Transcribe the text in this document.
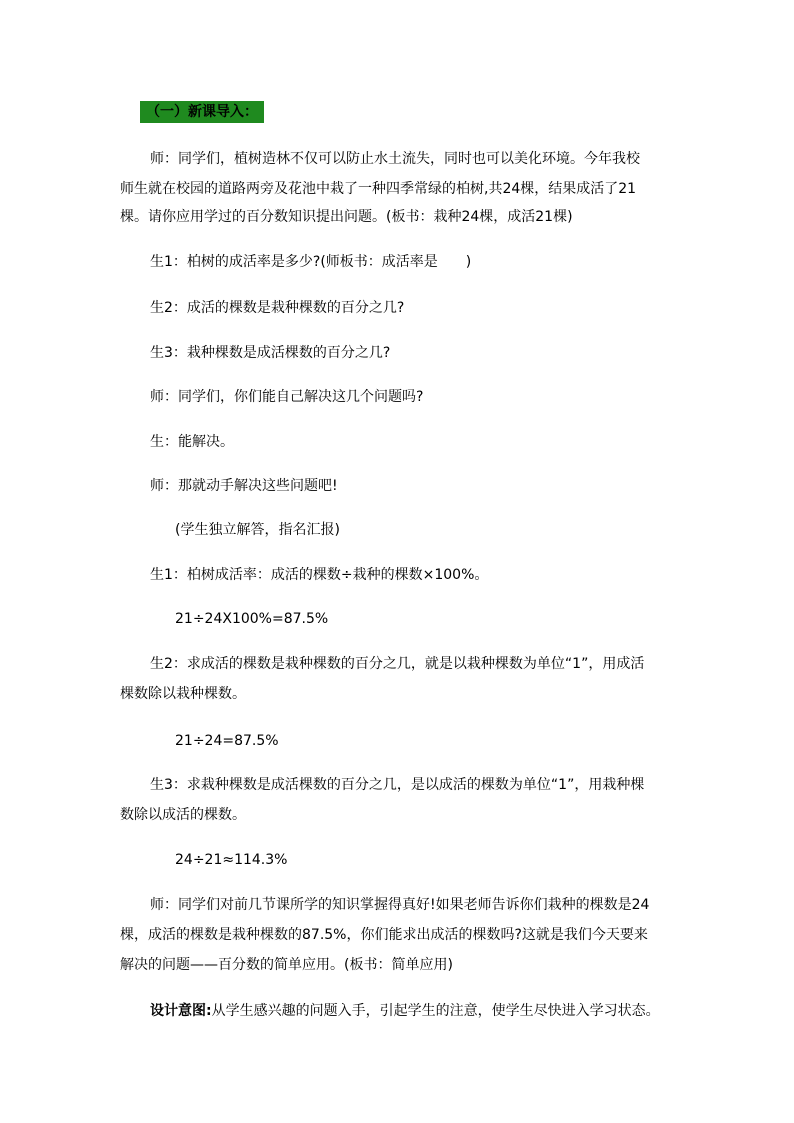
（一）新课导入：
师：同学们，植树造林不仅可以防止水土流失，同时也可以美化环境。今年我校
师生就在校园的道路两旁及花池中栽了一种四季常绿的柏树,共24棵，结果成活了21
棵。请你应用学过的百分数知识提出问题。(板书：栽种24棵，成活21棵)
生1：柏树的成活率是多少?(师板书：成活率是　　)
生2：成活的棵数是栽种棵数的百分之几?
生3：栽种棵数是成活棵数的百分之几?
师：同学们，你们能自己解决这几个问题吗?
生：能解决。
师：那就动手解决这些问题吧!
(学生独立解答，指名汇报)
生1：柏树成活率：成活的棵数÷栽种的棵数×100%。
21÷24X100%=87.5%
生2：求成活的棵数是栽种棵数的百分之几，就是以栽种棵数为单位“1”，用成活
棵数除以栽种棵数。
21÷24=87.5%
生3：求栽种棵数是成活棵数的百分之几，是以成活的棵数为单位“1”，用栽种棵
数除以成活的棵数。
24÷21≈114.3%
师：同学们对前几节课所学的知识掌握得真好!如果老师告诉你们栽种的棵数是24
棵，成活的棵数是栽种棵数的87.5%，你们能求出成活的棵数吗?这就是我们今天要来
解决的问题——百分数的简单应用。(板书：简单应用)
设计意图:从学生感兴趣的问题入手，引起学生的注意，使学生尽快进入学习状态。
